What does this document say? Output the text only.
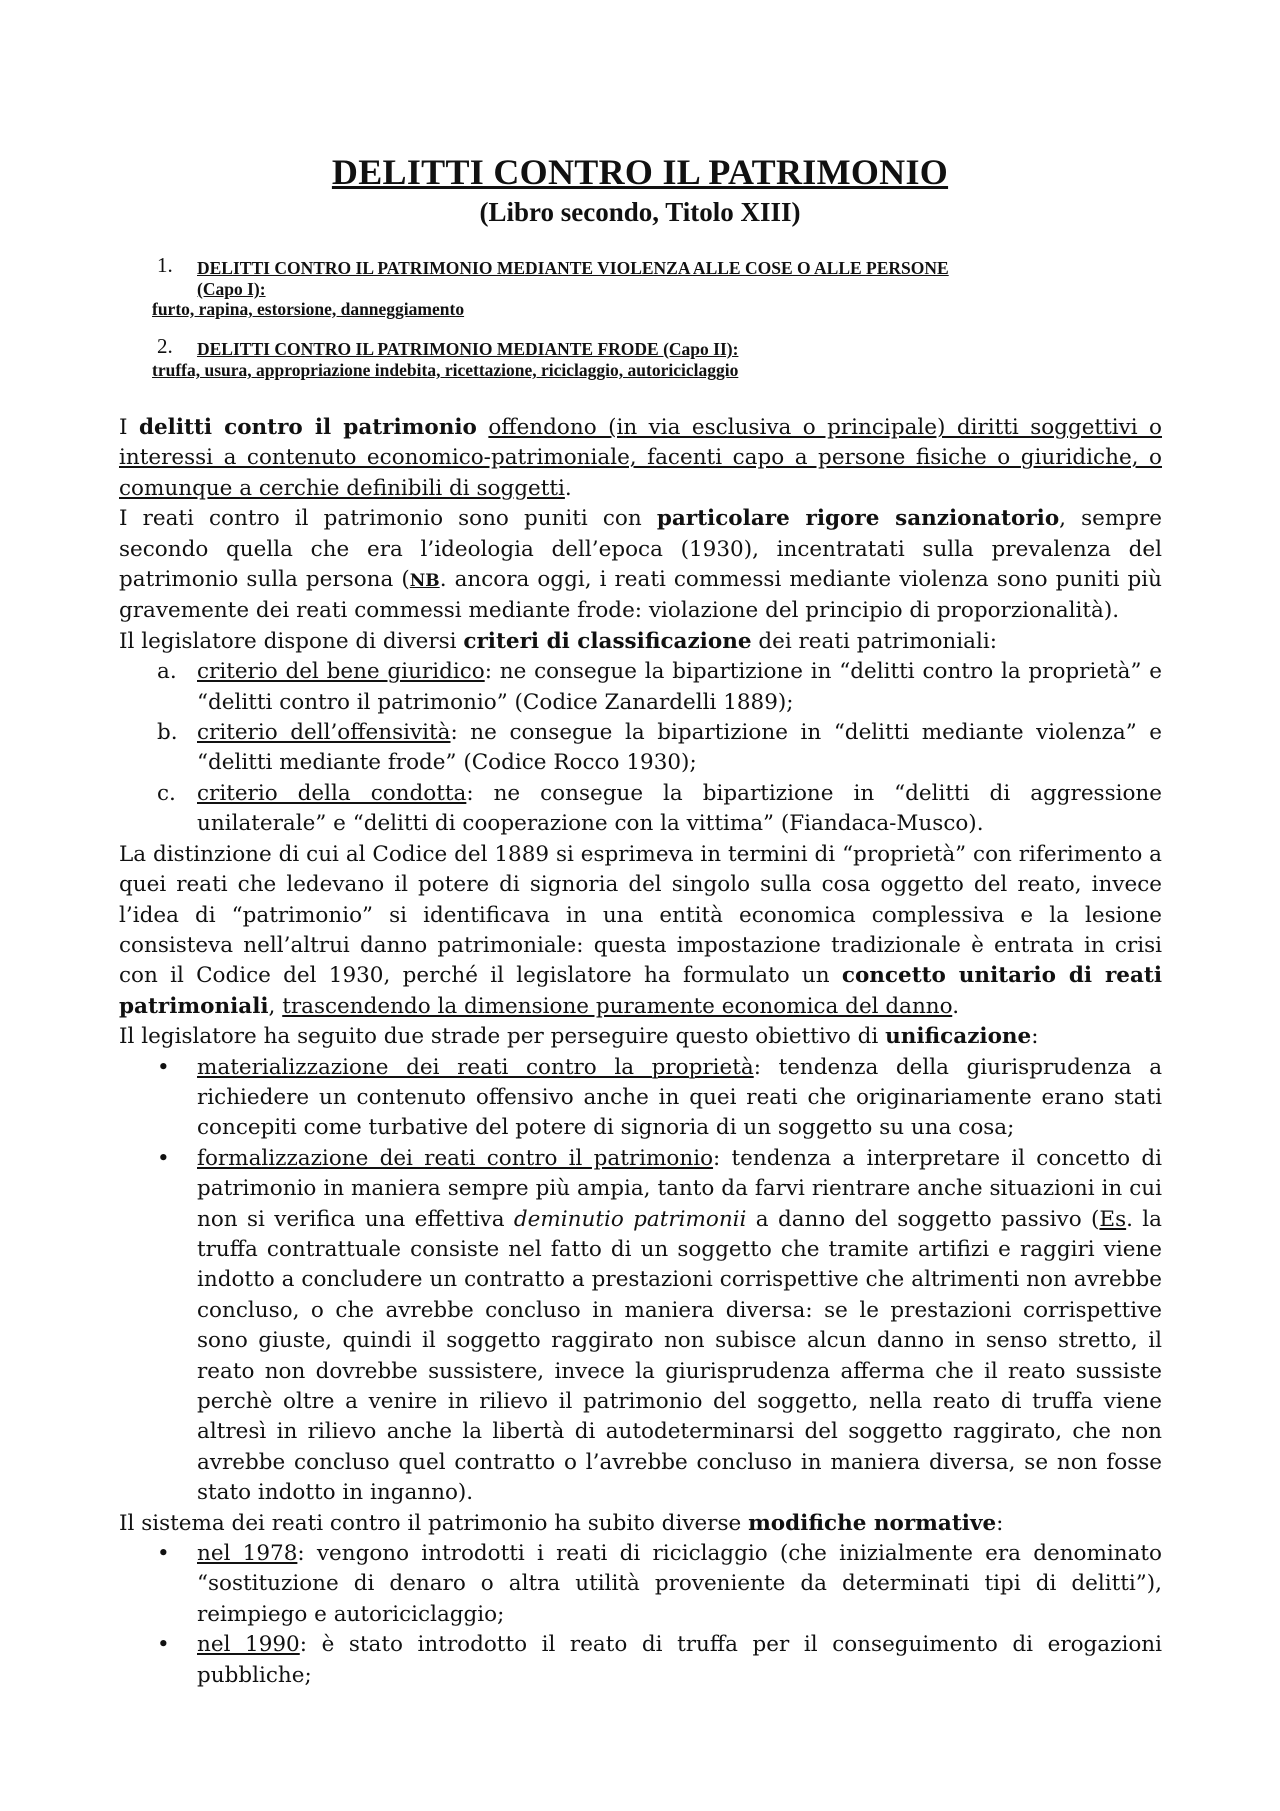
DELITTI CONTRO IL PATRIMONIO
(Libro secondo, Titolo XIII)
1. DELITTI CONTRO IL PATRIMONIO MEDIANTE VIOLENZA ALLE COSE O ALLE PERSONE
(Capo I):
furto, rapina, estorsione, danneggiamento
2. DELITTI CONTRO IL PATRIMONIO MEDIANTE FRODE (Capo II):
truffa, usura, appropriazione indebita, ricettazione, riciclaggio, autoriciclaggio

I delitti contro il patrimonio offendono (in via esclusiva o principale) diritti soggettivi o interessi a contenuto economico-patrimoniale, facenti capo a persone fisiche o giuridiche, o comunque a cerchie definibili di soggetti.

I reati contro il patrimonio sono puniti con particolare rigore sanzionatorio, sempre secondo quella che era l’ideologia dell’epoca (1930), incentratati sulla prevalenza del patrimonio sulla persona (NB. ancora oggi, i reati commessi mediante violenza sono puniti più gravemente dei reati commessi mediante frode: violazione del principio di proporzionalità).

Il legislatore dispone di diversi criteri di classificazione dei reati patrimoniali:

a. criterio del bene giuridico: ne consegue la bipartizione in “delitti contro la proprietà” e “delitti contro il patrimonio” (Codice Zanardelli 1889);
b. criterio dell’offensività: ne consegue la bipartizione in “delitti mediante violenza” e “delitti mediante frode” (Codice Rocco 1930);
c. criterio della condotta: ne consegue la bipartizione in “delitti di aggressione unilaterale” e “delitti di cooperazione con la vittima” (Fiandaca-Musco).

La distinzione di cui al Codice del 1889 si esprimeva in termini di “proprietà” con riferimento a quei reati che ledevano il potere di signoria del singolo sulla cosa oggetto del reato, invece l’idea di “patrimonio” si identificava in una entità economica complessiva e la lesione consisteva nell’altrui danno patrimoniale: questa impostazione tradizionale è entrata in crisi con il Codice del 1930, perché il legislatore ha formulato un concetto unitario di reati patrimoniali, trascendendo la dimensione puramente economica del danno.

Il legislatore ha seguito due strade per perseguire questo obiettivo di unificazione:

• materializzazione dei reati contro la proprietà: tendenza della giurisprudenza a richiedere un contenuto offensivo anche in quei reati che originariamente erano stati concepiti come turbative del potere di signoria di un soggetto su una cosa;
• formalizzazione dei reati contro il patrimonio: tendenza a interpretare il concetto di patrimonio in maniera sempre più ampia, tanto da farvi rientrare anche situazioni in cui non si verifica una effettiva deminutio patrimonii a danno del soggetto passivo (Es. la truffa contrattuale consiste nel fatto di un soggetto che tramite artifizi e raggiri viene indotto a concludere un contratto a prestazioni corrispettive che altrimenti non avrebbe concluso, o che avrebbe concluso in maniera diversa: se le prestazioni corrispettive sono giuste, quindi il soggetto raggirato non subisce alcun danno in senso stretto, il reato non dovrebbe sussistere, invece la giurisprudenza afferma che il reato sussiste perchè oltre a venire in rilievo il patrimonio del soggetto, nella reato di truffa viene altresì in rilievo anche la libertà di autodeterminarsi del soggetto raggirato, che non avrebbe concluso quel contratto o l’avrebbe concluso in maniera diversa, se non fosse stato indotto in inganno).

Il sistema dei reati contro il patrimonio ha subito diverse modifiche normative:

• nel 1978: vengono introdotti i reati di riciclaggio (che inizialmente era denominato “sostituzione di denaro o altra utilità proveniente da determinati tipi di delitti”), reimpiego e autoriciclaggio;
• nel 1990: è stato introdotto il reato di truffa per il conseguimento di erogazioni pubbliche;
